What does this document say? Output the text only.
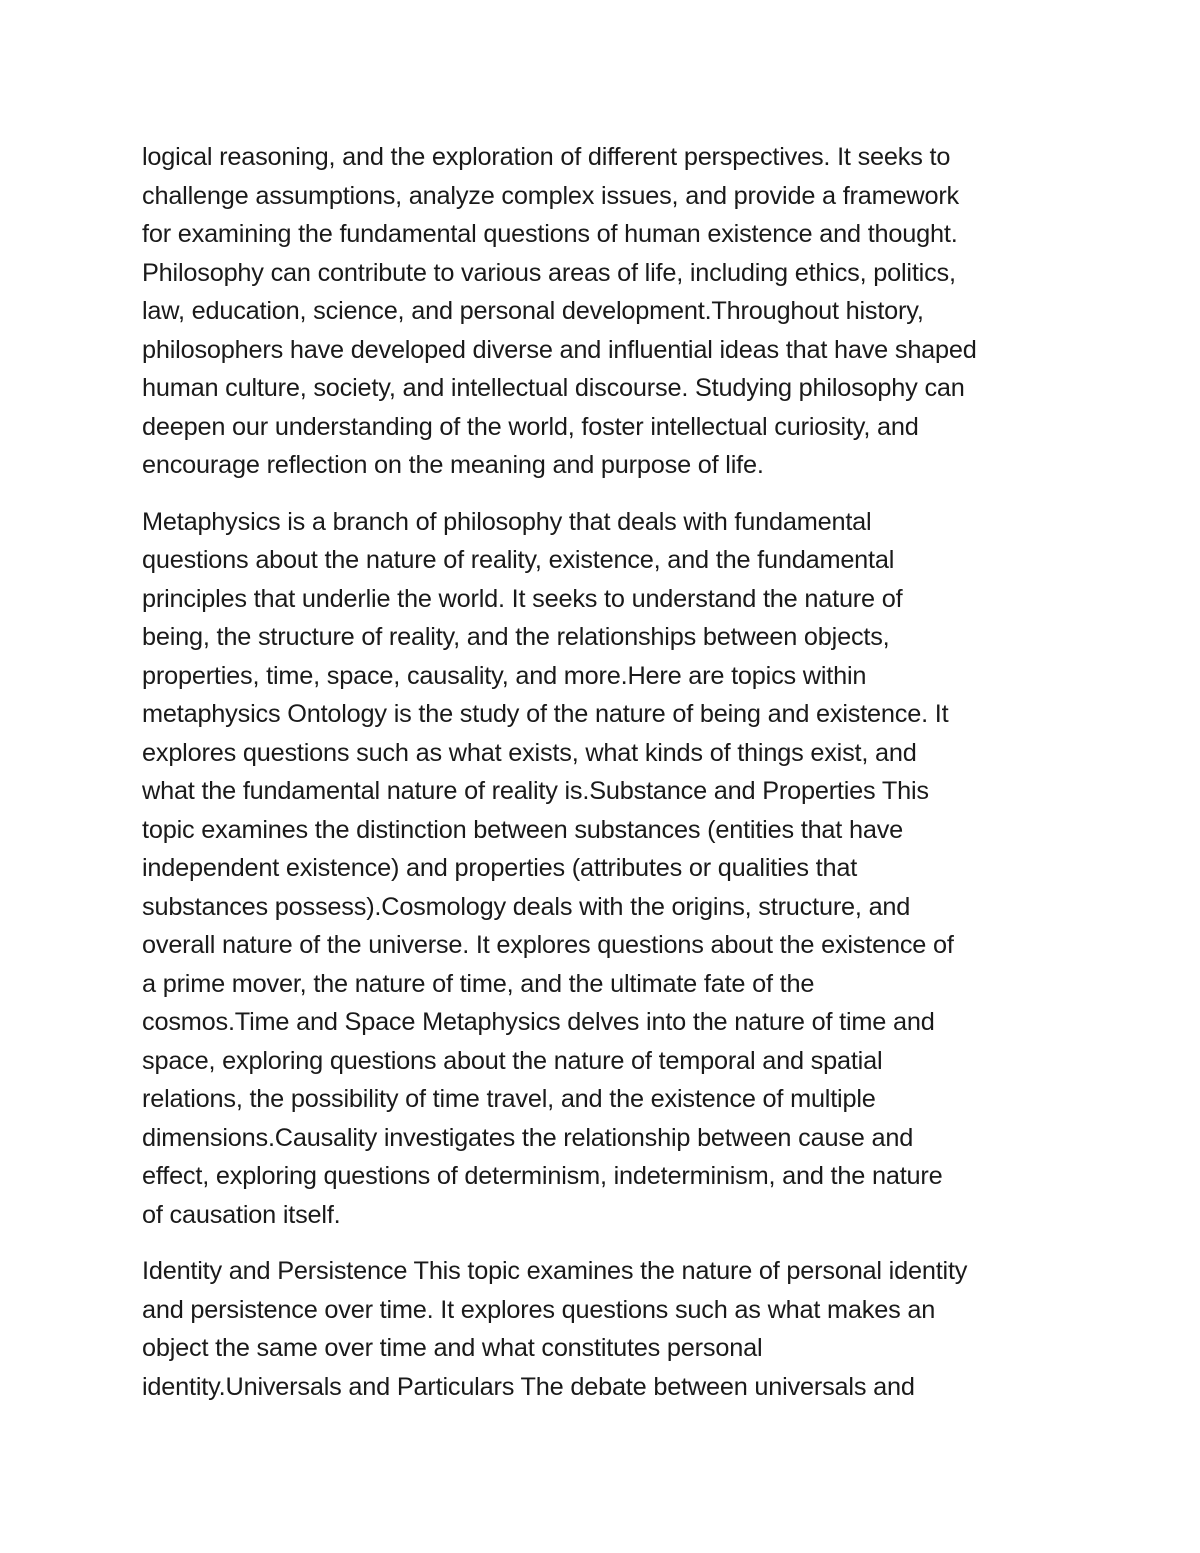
logical reasoning, and the exploration of different perspectives. It seeks to
challenge assumptions, analyze complex issues, and provide a framework
for examining the fundamental questions of human existence and thought.
Philosophy can contribute to various areas of life, including ethics, politics,
law, education, science, and personal development.Throughout history,
philosophers have developed diverse and influential ideas that have shaped
human culture, society, and intellectual discourse. Studying philosophy can
deepen our understanding of the world, foster intellectual curiosity, and
encourage reflection on the meaning and purpose of life.

Metaphysics is a branch of philosophy that deals with fundamental
questions about the nature of reality, existence, and the fundamental
principles that underlie the world. It seeks to understand the nature of
being, the structure of reality, and the relationships between objects,
properties, time, space, causality, and more.Here are topics within
metaphysics Ontology is the study of the nature of being and existence. It
explores questions such as what exists, what kinds of things exist, and
what the fundamental nature of reality is.Substance and Properties This
topic examines the distinction between substances (entities that have
independent existence) and properties (attributes or qualities that
substances possess).Cosmology deals with the origins, structure, and
overall nature of the universe. It explores questions about the existence of
a prime mover, the nature of time, and the ultimate fate of the
cosmos.Time and Space Metaphysics delves into the nature of time and
space, exploring questions about the nature of temporal and spatial
relations, the possibility of time travel, and the existence of multiple
dimensions.Causality investigates the relationship between cause and
effect, exploring questions of determinism, indeterminism, and the nature
of causation itself.

Identity and Persistence This topic examines the nature of personal identity
and persistence over time. It explores questions such as what makes an
object the same over time and what constitutes personal
identity.Universals and Particulars The debate between universals and
